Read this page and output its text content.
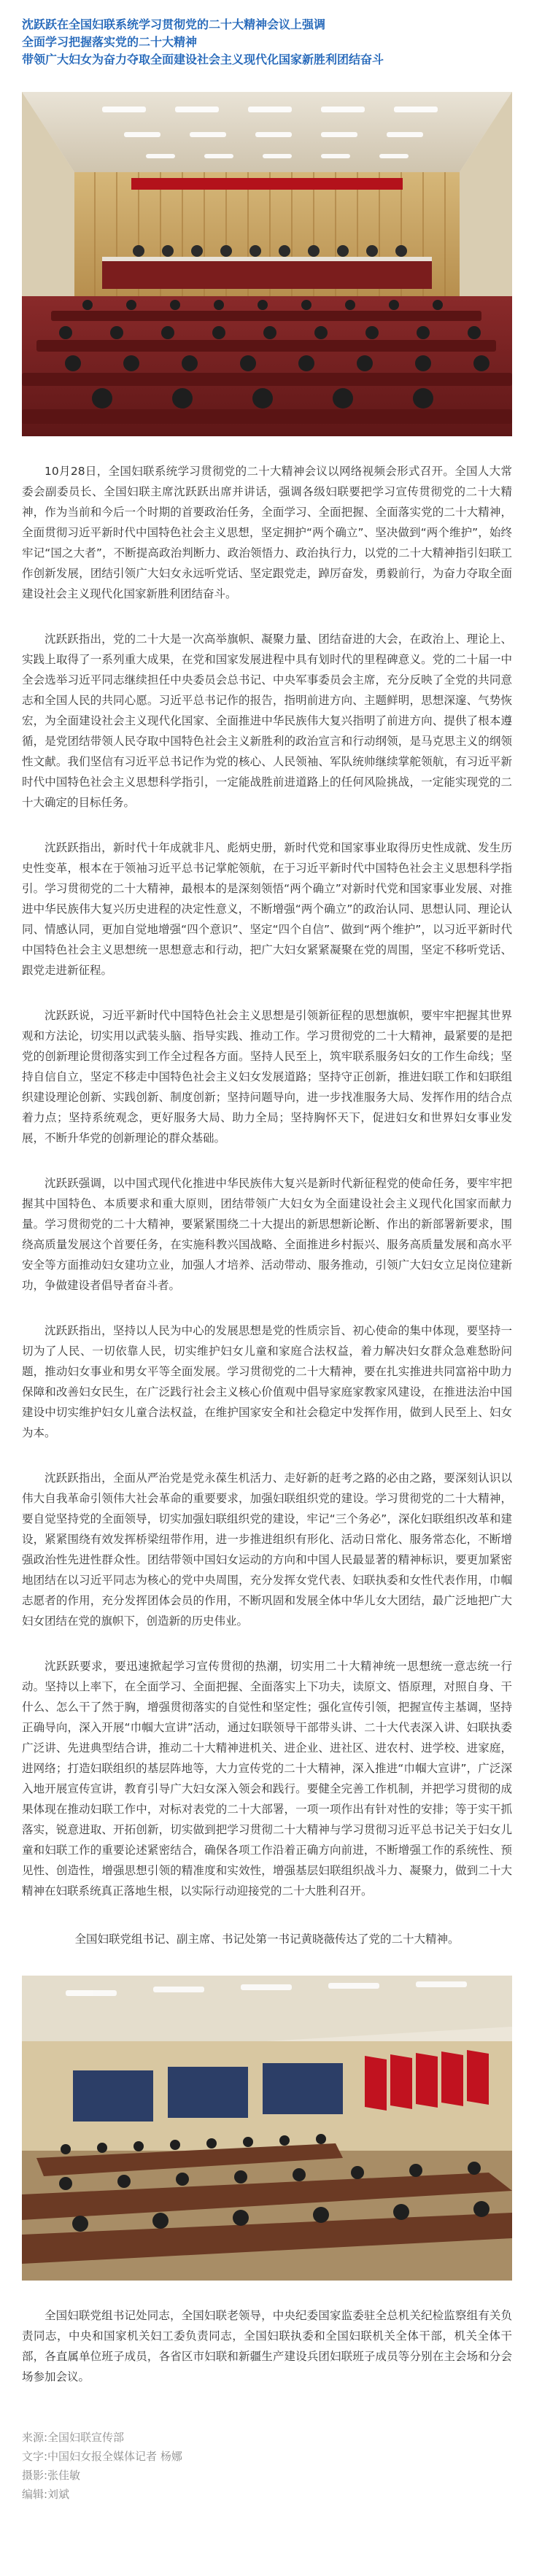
沈跃跃在全国妇联系统学习贯彻党的二十大精神会议上强调

全面学习把握落实党的二十大精神

带领广大妇女为奋力夺取全面建设社会主义现代化国家新胜利团结奋斗

10月28日，全国妇联系统学习贯彻党的二十大精神会议以网络视频会形式召开。全国人大常委会副委员长、全国妇联主席沈跃跃出席并讲话，强调各级妇联要把学习宣传贯彻党的二十大精神，作为当前和今后一个时期的首要政治任务，全面学习、全面把握、全面落实党的二十大精神，全面贯彻习近平新时代中国特色社会主义思想，坚定拥护“两个确立”、坚决做到“两个维护”，始终牢记“国之大者”，不断提高政治判断力、政治领悟力、政治执行力，以党的二十大精神指引妇联工作创新发展，团结引领广大妇女永远听党话、坚定跟党走，踔厉奋发，勇毅前行，为奋力夺取全面建设社会主义现代化国家新胜利团结奋斗。

沈跃跃指出，党的二十大是一次高举旗帜、凝聚力量、团结奋进的大会，在政治上、理论上、实践上取得了一系列重大成果，在党和国家发展进程中具有划时代的里程碑意义。党的二十届一中全会选举习近平同志继续担任中央委员会总书记、中央军事委员会主席，充分反映了全党的共同意志和全国人民的共同心愿。习近平总书记作的报告，指明前进方向、主题鲜明，思想深邃、气势恢宏，为全面建设社会主义现代化国家、全面推进中华民族伟大复兴指明了前进方向、提供了根本遵循，是党团结带领人民夺取中国特色社会主义新胜利的政治宣言和行动纲领，是马克思主义的纲领性文献。我们坚信有习近平总书记作为党的核心、人民领袖、军队统帅继续掌舵领航，有习近平新时代中国特色社会主义思想科学指引，一定能战胜前进道路上的任何风险挑战，一定能实现党的二十大确定的目标任务。

沈跃跃指出，新时代十年成就非凡、彪炳史册，新时代党和国家事业取得历史性成就、发生历史性变革，根本在于领袖习近平总书记掌舵领航，在于习近平新时代中国特色社会主义思想科学指引。学习贯彻党的二十大精神，最根本的是深刻领悟“两个确立”对新时代党和国家事业发展、对推进中华民族伟大复兴历史进程的决定性意义，不断增强“两个确立”的政治认同、思想认同、理论认同、情感认同，更加自觉地增强“四个意识”、坚定“四个自信”、做到“两个维护”，以习近平新时代中国特色社会主义思想统一思想意志和行动，把广大妇女紧紧凝聚在党的周围，坚定不移听党话、跟党走进新征程。

沈跃跃说，习近平新时代中国特色社会主义思想是引领新征程的思想旗帜，要牢牢把握其世界观和方法论，切实用以武装头脑、指导实践、推动工作。学习贯彻党的二十大精神，最紧要的是把党的创新理论贯彻落实到工作全过程各方面。坚持人民至上，筑牢联系服务妇女的工作生命线；坚持自信自立，坚定不移走中国特色社会主义妇女发展道路；坚持守正创新，推进妇联工作和妇联组织建设理论创新、实践创新、制度创新；坚持问题导向，进一步找准服务大局、发挥作用的结合点着力点；坚持系统观念，更好服务大局、助力全局；坚持胸怀天下，促进妇女和世界妇女事业发展，不断升华党的创新理论的群众基础。

沈跃跃强调，以中国式现代化推进中华民族伟大复兴是新时代新征程党的使命任务，要牢牢把握其中国特色、本质要求和重大原则，团结带领广大妇女为全面建设社会主义现代化国家而献力量。学习贯彻党的二十大精神，要紧紧围绕二十大提出的新思想新论断、作出的新部署新要求，围绕高质量发展这个首要任务，在实施科教兴国战略、全面推进乡村振兴、服务高质量发展和高水平安全等方面推动妇女建功立业，加强人才培养、活动带动、服务推动，引领广大妇女立足岗位建新功，争做建设者倡导者奋斗者。

沈跃跃指出，坚持以人民为中心的发展思想是党的性质宗旨、初心使命的集中体现，要坚持一切为了人民、一切依靠人民，切实维护妇女儿童和家庭合法权益，着力解决妇女群众急难愁盼问题，推动妇女事业和男女平等全面发展。学习贯彻党的二十大精神，要在扎实推进共同富裕中助力保障和改善妇女民生，在广泛践行社会主义核心价值观中倡导家庭家教家风建设，在推进法治中国建设中切实维护妇女儿童合法权益，在维护国家安全和社会稳定中发挥作用，做到人民至上、妇女为本。

沈跃跃指出，全面从严治党是党永葆生机活力、走好新的赶考之路的必由之路，要深刻认识以伟大自我革命引领伟大社会革命的重要要求，加强妇联组织党的建设。学习贯彻党的二十大精神，要自觉坚持党的全面领导，切实加强妇联组织党的建设，牢记“三个务必”，深化妇联组织改革和建设，紧紧围绕有效发挥桥梁纽带作用，进一步推进组织有形化、活动日常化、服务常态化，不断增强政治性先进性群众性。团结带领中国妇女运动的方向和中国人民最显著的精神标识，要更加紧密地团结在以习近平同志为核心的党中央周围，充分发挥女党代表、妇联执委和女性代表作用，巾帼志愿者的作用，充分发挥团体会员的作用，不断巩固和发展全体中华儿女大团结，最广泛地把广大妇女团结在党的旗帜下，创造新的历史伟业。

沈跃跃要求，要迅速掀起学习宣传贯彻的热潮，切实用二十大精神统一思想统一意志统一行动。坚持以上率下，在全面学习、全面把握、全面落实上下功夫，读原文、悟原理，对照自身、干什么、怎么干了然于胸，增强贯彻落实的自觉性和坚定性；强化宣传引领，把握宣传主基调，坚持正确导向，深入开展“巾帼大宣讲”活动，通过妇联领导干部带头讲、二十大代表深入讲、妇联执委广泛讲、先进典型结合讲，推动二十大精神进机关、进企业、进社区、进农村、进学校、进家庭，进网络；打造妇联组织的基层阵地等，大力宣传党的二十大精神，深入推进“巾帼大宣讲”，广泛深入地开展宣传宣讲，教育引导广大妇女深入领会和践行。要健全完善工作机制，并把学习贯彻的成果体现在推动妇联工作中，对标对表党的二十大部署，一项一项作出有针对性的安排；等于实干抓落实，锐意进取、开拓创新，切实做到把学习贯彻二十大精神与学习贯彻习近平总书记关于妇女儿童和妇联工作的重要论述紧密结合，确保各项工作沿着正确方向前进，不断增强工作的系统性、预见性、创造性，增强思想引领的精准度和实效性，增强基层妇联组织战斗力、凝聚力，做到二十大精神在妇联系统真正落地生根，以实际行动迎接党的二十大胜利召开。

全国妇联党组书记、副主席、书记处第一书记黄晓薇传达了党的二十大精神。

全国妇联党组书记处同志，全国妇联老领导，中央纪委国家监委驻全总机关纪检监察组有关负责同志，中央和国家机关妇工委负责同志，全国妇联执委和全国妇联机关全体干部，机关全体干部，各直属单位班子成员，各省区市妇联和新疆生产建设兵团妇联班子成员等分别在主会场和分会场参加会议。

来源:全国妇联宣传部

文字:中国妇女报全媒体记者 杨娜

摄影:张佳敏

编辑:刘斌
